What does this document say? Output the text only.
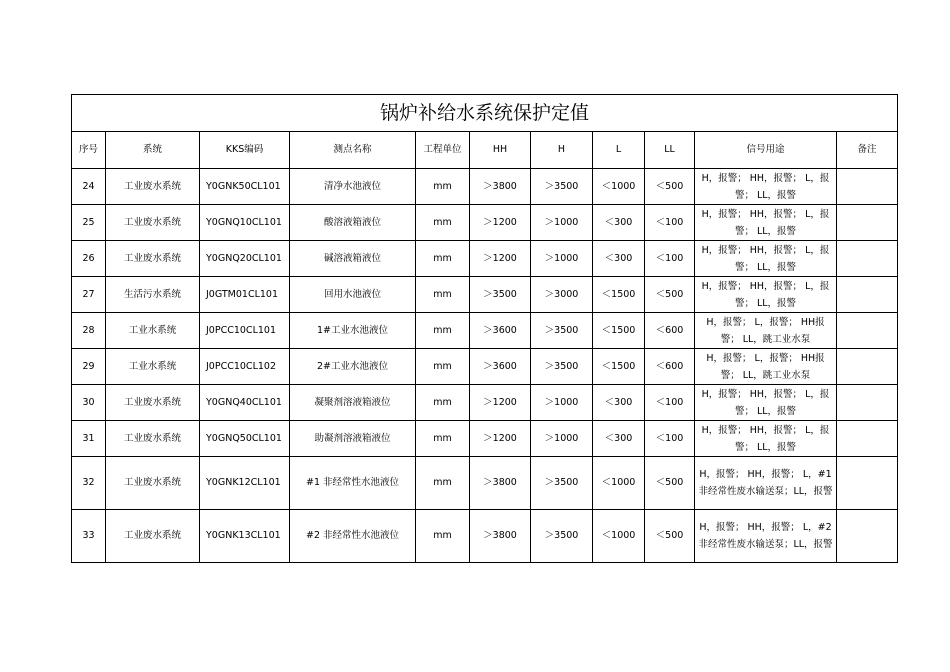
锅炉补给水系统保护定值										
序号	系统	KKS编码	测点名称	工程单位	HH	H	L	LL	信号用途	备注
24	工业废水系统	Y0GNK50CL101	清净水池液位	mm	＞3800	＞3500	＜1000	＜500	H，报警； HH，报警； L，报警； LL，报警	
25	工业废水系统	Y0GNQ10CL101	酸溶液箱液位	mm	＞1200	＞1000	＜300	＜100	H，报警； HH，报警； L，报警； LL，报警	
26	工业废水系统	Y0GNQ20CL101	碱溶液箱液位	mm	＞1200	＞1000	＜300	＜100	H，报警； HH，报警； L，报警； LL，报警	
27	生活污水系统	J0GTM01CL101	回用水池液位	mm	＞3500	＞3000	＜1500	＜500	H，报警； HH，报警； L，报警； LL，报警	
28	工业水系统	J0PCC10CL101	1#工业水池液位	mm	＞3600	＞3500	＜1500	＜600	H，报警； L，报警； HH报警； LL，跳工业水泵	
29	工业水系统	J0PCC10CL102	2#工业水池液位	mm	＞3600	＞3500	＜1500	＜600	H，报警； L，报警； HH报警； LL，跳工业水泵	
30	工业废水系统	Y0GNQ40CL101	凝聚剂溶液箱液位	mm	＞1200	＞1000	＜300	＜100	H，报警； HH，报警； L，报警； LL，报警	
31	工业废水系统	Y0GNQ50CL101	助凝剂溶液箱液位	mm	＞1200	＞1000	＜300	＜100	H，报警； HH，报警； L，报警； LL，报警	
32	工业废水系统	Y0GNK12CL101	#1 非经常性水池液位	mm	＞3800	＞3500	＜1000	＜500	H，报警； HH，报警； L，#1 非经常性废水输送泵；LL，报警	
33	工业废水系统	Y0GNK13CL101	#2 非经常性水池液位	mm	＞3800	＞3500	＜1000	＜500	H，报警； HH，报警； L，#2 非经常性废水输送泵；LL，报警	
